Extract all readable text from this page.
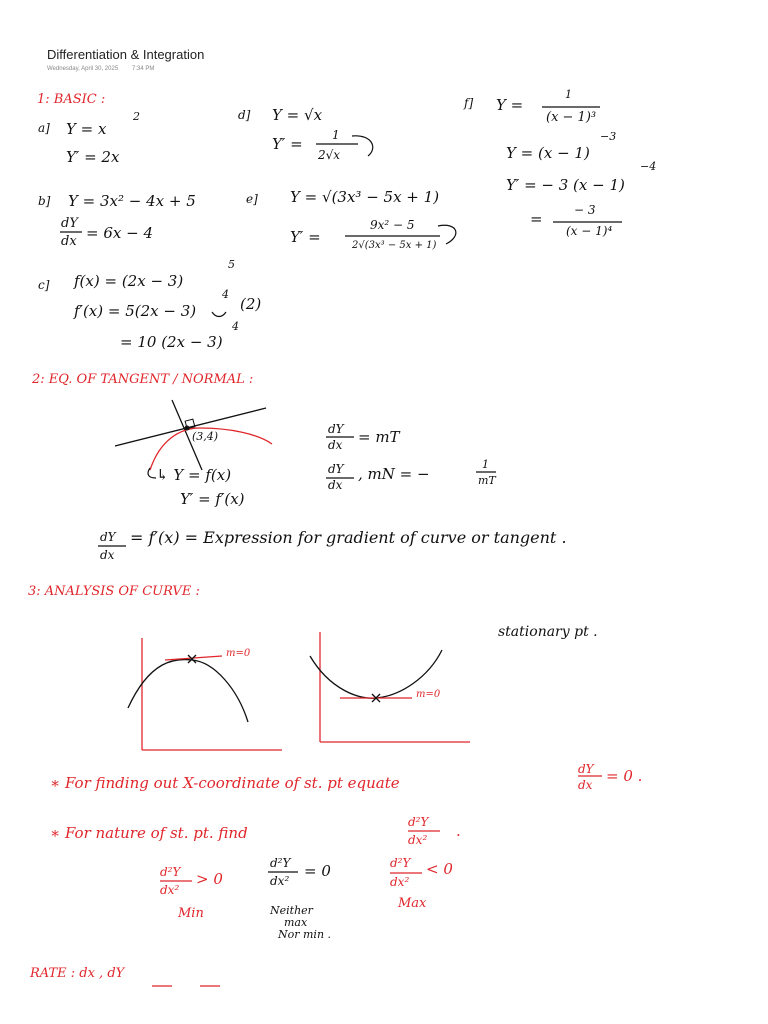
Differentiation & Integration
Wednesday, April 30, 2025 7:34 PM
1: BASIC :
a] Y = x
2
Y′ = 2x
b] Y = 3x² − 4x + 5
dY
dx = 6x − 4
c] f(x) = (2x − 3)
5
f′(x) = 5(2x − 3)
4
(2)
= 10 (2x − 3)
4
d] Y = √x
Y′ = 1
2√x
e] Y = √(3x³ − 5x + 1)
Y′ =
9x² − 5
2√(3x³ − 5x + 1)
f] Y =
1
(x − 1)³
Y = (x − 1)
−3
Y′ = − 3 (x − 1)
−4
=	− 3
(x − 1)⁴
2: EQ. OF TANGENT / NORMAL :
(3,4)
↳ Y = f(x)
Y′ = f′(x)
dY
dx = mT
dY
dx
, mN = −
1
mT
dY
dx
= f′(x) = Expression for gradient of curve or tangent .
3: ANALYSIS OF CURVE :
stationary pt .
m=0
m=0
∗ For finding out X-coordinate of st. pt equate
dY
dx = 0 .
∗ For nature of st. pt. find
d²Y
dx² .
d²Y
dx²
> 0
Min
d²Y
dx²
= 0
Neither
max
Nor min .
d²Y
dx²
< 0
Max
RATE : dx , dY
